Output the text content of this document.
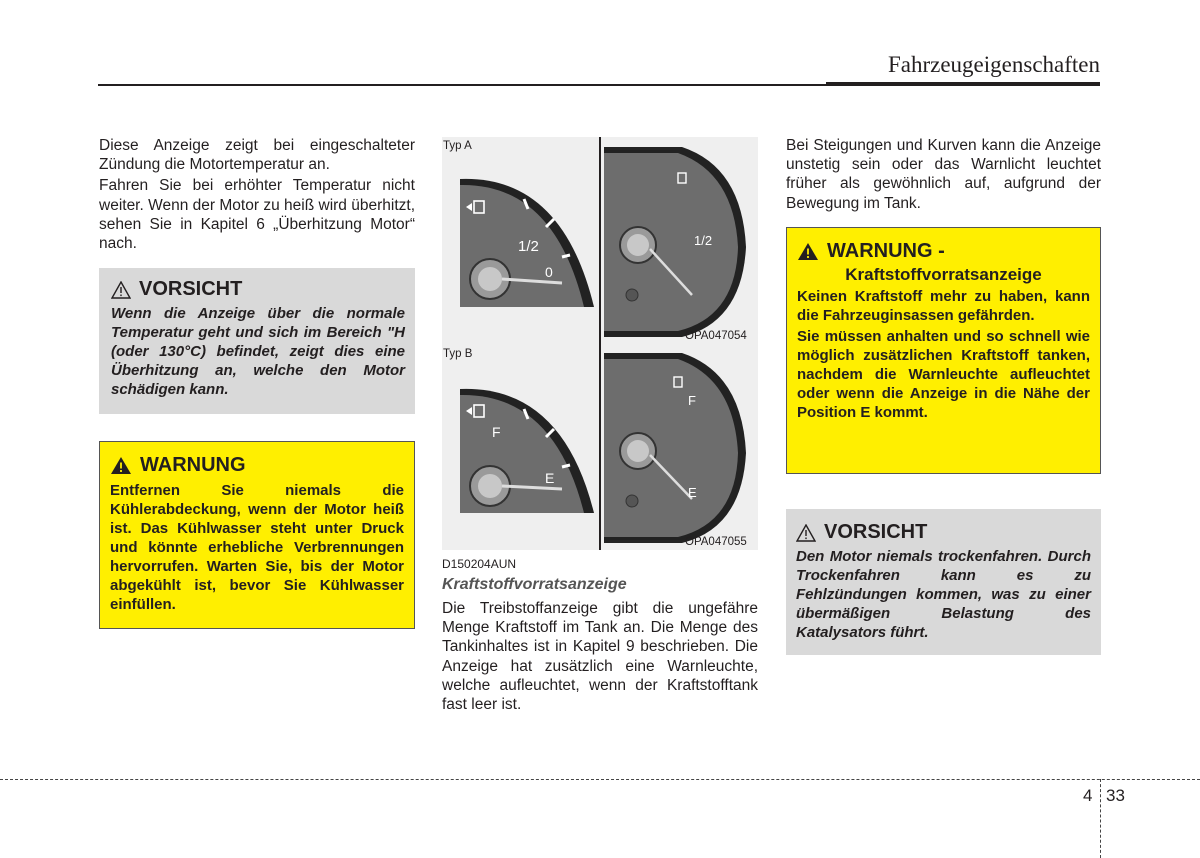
Fahrzeugeigenschaften

Diese Anzeige zeigt bei eingeschalteter Zündung die Motortemperatur an.

Fahren Sie bei erhöhter Temperatur nicht weiter. Wenn der Motor zu heiß wird überhitzt, sehen Sie in Kapitel 6 „Überhitzung Motor“ nach.

VORSICHT
Wenn die Anzeige über die normale Temperatur geht und sich im Bereich "H (oder 130°C) befindet, zeigt dies eine Überhitzung an, welche den Motor schädigen kann.
WARNUNG
Entfernen Sie niemals die Kühlerabdeckung, wenn der Motor heiß ist. Das Kühlwasser steht unter Druck und könnte erhebliche Verbrennungen hervorrufen. Warten Sie, bis der Motor abgekühlt ist, bevor Sie Kühlwasser einfüllen.
Typ A
Typ B
0
1/2	1/2
F
E
F
E
OPA047054
OPA047055
D150204AUN
Kraftstoffvorratsanzeige

Die Treibstoffanzeige gibt die ungefähre Menge Kraftstoff im Tank an. Die Menge des Tankinhaltes ist in Kapitel 9 beschrieben. Die Anzeige hat zusätzlich eine Warnleuchte, welche aufleuchtet, wenn der Kraftstofftank fast leer ist.

Bei Steigungen und Kurven kann die Anzeige unstetig sein oder das Warnlicht leuchtet früher als gewöhnlich auf, aufgrund der Bewegung im Tank.

WARNUNG -
Kraftstoffvorratsanzeige
Keinen Kraftstoff mehr zu haben, kann die Fahrzeuginsassen gefährden.
Sie müssen anhalten und so schnell wie möglich zusätzlichen Kraftstoff tanken, nachdem die Warnleuchte aufleuchtet oder wenn die Anzeige in die Nähe der Position E kommt.
VORSICHT
Den Motor niemals trockenfahren. Durch Trockenfahren kann es zu Fehlzündungen kommen, was zu einer übermäßigen Belastung des Katalysators führt.
4 33
